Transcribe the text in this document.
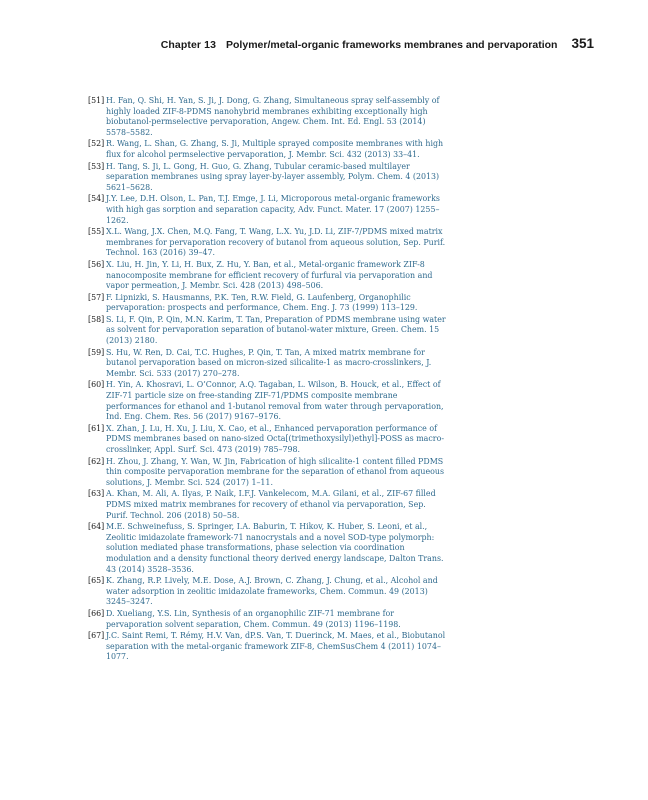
Chapter 13 Polymer/metal-organic frameworks membranes and pervaporation 351
[51] H. Fan, Q. Shi, H. Yan, S. Ji, J. Dong, G. Zhang, Simultaneous spray self-assembly of highly loaded ZIF-8-PDMS nanohybrid membranes exhibiting exceptionally high biobutanol-permselective pervaporation, Angew. Chem. Int. Ed. Engl. 53 (2014) 5578–5582.
[52] R. Wang, L. Shan, G. Zhang, S. Ji, Multiple sprayed composite membranes with high flux for alcohol permselective pervaporation, J. Membr. Sci. 432 (2013) 33–41.
[53] H. Tang, S. Ji, L. Gong, H. Guo, G. Zhang, Tubular ceramic-based multilayer separation membranes using spray layer-by-layer assembly, Polym. Chem. 4 (2013) 5621–5628.
[54] J.Y. Lee, D.H. Olson, L. Pan, T.J. Emge, J. Li, Microporous metal-organic frameworks with high gas sorption and separation capacity, Adv. Funct. Mater. 17 (2007) 1255–1262.
[55] X.L. Wang, J.X. Chen, M.Q. Fang, T. Wang, L.X. Yu, J.D. Li, ZIF-7/PDMS mixed matrix membranes for pervaporation recovery of butanol from aqueous solution, Sep. Purif. Technol. 163 (2016) 39–47.
[56] X. Liu, H. Jin, Y. Li, H. Bux, Z. Hu, Y. Ban, et al., Metal-organic framework ZIF-8 nanocomposite membrane for efficient recovery of furfural via pervaporation and vapor permeation, J. Membr. Sci. 428 (2013) 498–506.
[57] F. Lipnizki, S. Hausmanns, P.K. Ten, R.W. Field, G. Laufenberg, Organophilic pervaporation: prospects and performance, Chem. Eng. J. 73 (1999) 113–129.
[58] S. Li, F. Qin, P. Qin, M.N. Karim, T. Tan, Preparation of PDMS membrane using water as solvent for pervaporation separation of butanol-water mixture, Green. Chem. 15 (2013) 2180.
[59] S. Hu, W. Ren, D. Cai, T.C. Hughes, P. Qin, T. Tan, A mixed matrix membrane for butanol pervaporation based on micron-sized silicalite-1 as macro-crosslinkers, J. Membr. Sci. 533 (2017) 270–278.
[60] H. Yin, A. Khosravi, L. O’Connor, A.Q. Tagaban, L. Wilson, B. Houck, et al., Effect of ZIF-71 particle size on free-standing ZIF-71/PDMS composite membrane performances for ethanol and 1-butanol removal from water through pervaporation, Ind. Eng. Chem. Res. 56 (2017) 9167–9176.
[61] X. Zhan, J. Lu, H. Xu, J. Liu, X. Cao, et al., Enhanced pervaporation performance of PDMS membranes based on nano-sized Octa[(trimethoxysilyl)ethyl]-POSS as macro-crosslinker, Appl. Surf. Sci. 473 (2019) 785–798.
[62] H. Zhou, J. Zhang, Y. Wan, W. Jin, Fabrication of high silicalite-1 content filled PDMS thin composite pervaporation membrane for the separation of ethanol from aqueous solutions, J. Membr. Sci. 524 (2017) 1–11.
[63] A. Khan, M. Ali, A. Ilyas, P. Naik, I.F.J. Vankelecom, M.A. Gilani, et al., ZIF-67 filled PDMS mixed matrix membranes for recovery of ethanol via pervaporation, Sep. Purif. Technol. 206 (2018) 50–58.
[64] M.E. Schweinefuss, S. Springer, I.A. Baburin, T. Hikov, K. Huber, S. Leoni, et al., Zeolitic imidazolate framework-71 nanocrystals and a novel SOD-type polymorph: solution mediated phase transformations, phase selection via coordination modulation and a density functional theory derived energy landscape, Dalton Trans. 43 (2014) 3528–3536.
[65] K. Zhang, R.P. Lively, M.E. Dose, A.J. Brown, C. Zhang, J. Chung, et al., Alcohol and water adsorption in zeolitic imidazolate frameworks, Chem. Commun. 49 (2013) 3245–3247.
[66] D. Xueliang, Y.S. Lin, Synthesis of an organophilic ZIF-71 membrane for pervaporation solvent separation, Chem. Commun. 49 (2013) 1196–1198.
[67] J.C. Saint Remi, T. Rémy, H.V. Van, dP.S. Van, T. Duerinck, M. Maes, et al., Biobutanol separation with the metal-organic framework ZIF-8, ChemSusChem 4 (2011) 1074–1077.
